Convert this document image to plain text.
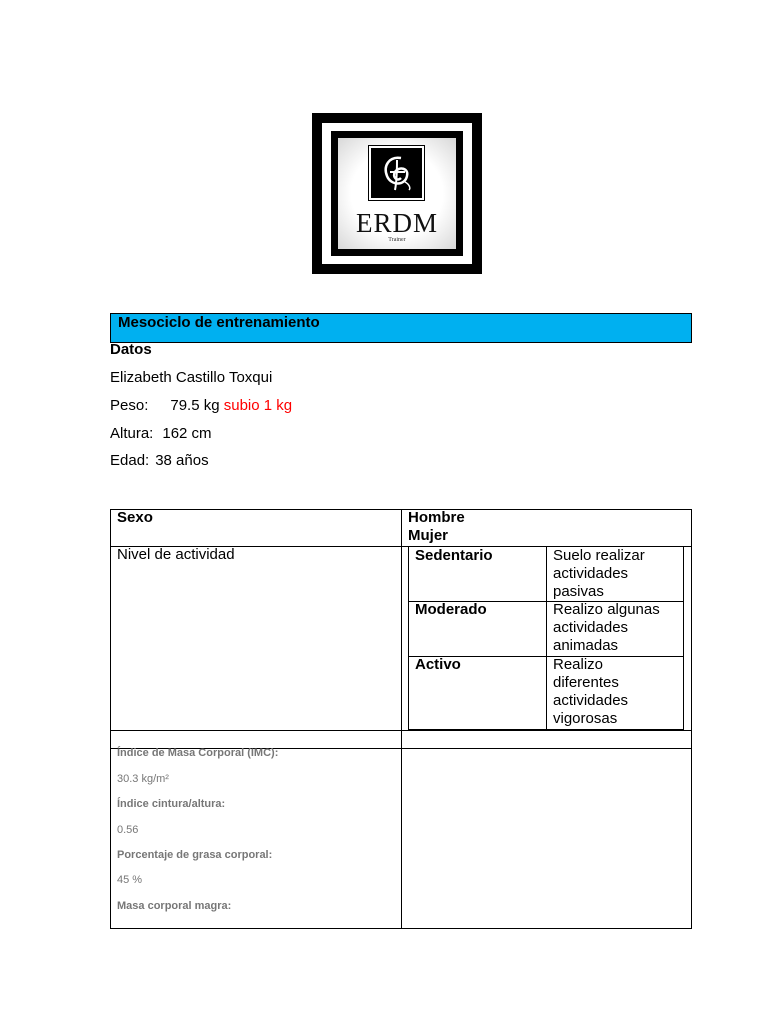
ERDM
Trainer
Mesociclo de entrenamiento
Datos
Elizabeth Castillo Toxqui
Peso: 79.5 kg subio 1 kg
Altura: 162 cm
Edad: 38 años
Sexo	Hombre
Mujer
Nivel de actividad	Sedentario	Suelo realizar
actividades
pasivas
Moderado	Realizo algunas
actividades
animadas
Activo	Realizo
diferentes
actividades
vigorosas
Índice de Masa Corporal (IMC):
30.3 kg/m²
Índice cintura/altura:
0.56
Porcentaje de grasa corporal:
45 %
Masa corporal magra:
